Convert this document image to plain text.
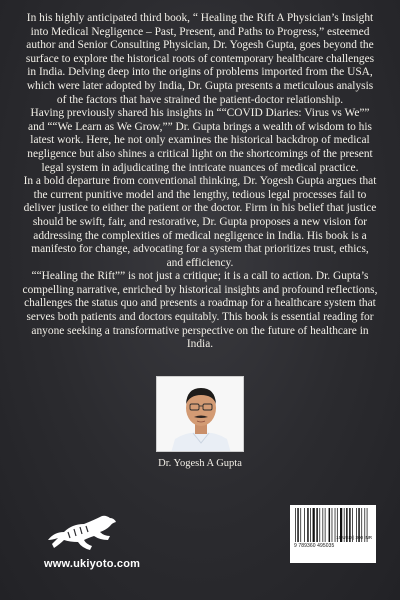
In his highly anticipated third book, “ Healing the Rift A Physician’s Insight into Medical Negligence – Past, Present, and Paths to Progress,” esteemed author and Senior Consulting Physician, Dr. Yogesh Gupta, goes beyond the surface to explore the historical roots of contemporary healthcare challenges in India. Delving deep into the origins of problems imported from the USA, which were later adopted by India, Dr. Gupta presents a meticulous analysis of the factors that have strained the patient-doctor relationship.

Having previously shared his insights in ““COVID Diaries: Virus vs We”” and ““We Learn as We Grow,”” Dr. Gupta brings a wealth of wisdom to his latest work. Here, he not only examines the historical backdrop of medical negligence but also shines a critical light on the shortcomings of the present legal system in adjudicating the intricate nuances of medical practice.

In a bold departure from conventional thinking, Dr. Yogesh Gupta argues that the current punitive model and the lengthy, tedious legal processes fail to deliver justice to either the patient or the doctor. Firm in his belief that justice should be swift, fair, and restorative, Dr. Gupta proposes a new vision for addressing the complexities of medical negligence in India. His book is a manifesto for change, advocating for a system that prioritizes trust, ethics, and efficiency.

““Healing the Rift”” is not just a critique; it is a call to action. Dr. Gupta’s compelling narrative, enriched by historical insights and profound reflections, challenges the status quo and presents a roadmap for a healthcare system that serves both patients and doctors equitably. This book is essential reading for anyone seeking a transformative perspective on the future of healthcare in India.

Dr. Yogesh A Gupta
www.ukiyoto.com
9 789360 495035
15 USD | 300 INR
